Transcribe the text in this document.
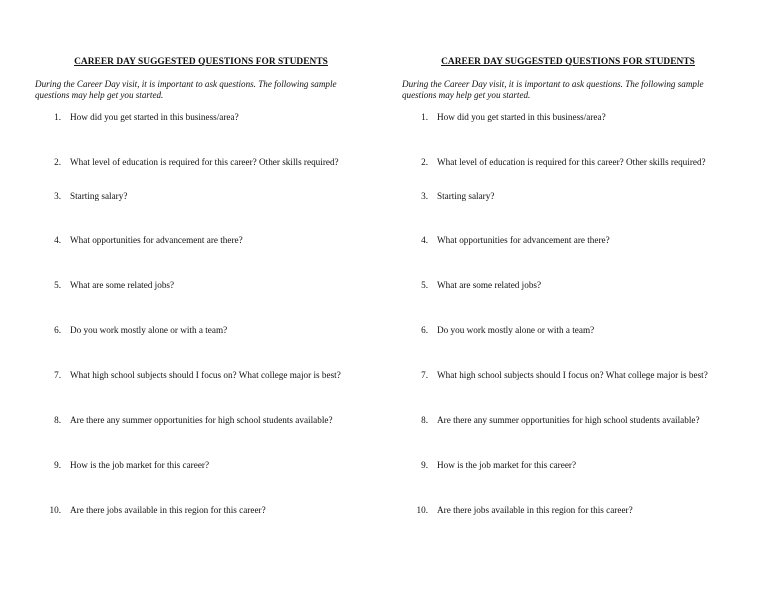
CAREER DAY SUGGESTED QUESTIONS FOR STUDENTS

During the Career Day visit, it is important to ask questions. The following sample questions may help get you started.

1. How did you get started in this business/area?
2. What level of education is required for this career? Other skills required?
3. Starting salary?
4. What opportunities for advancement are there?
5. What are some related jobs?
6. Do you work mostly alone or with a team?
7. What high school subjects should I focus on? What college major is best?
8. Are there any summer opportunities for high school students available?
9. How is the job market for this career?
10. Are there jobs available in this region for this career?

CAREER DAY SUGGESTED QUESTIONS FOR STUDENTS

During the Career Day visit, it is important to ask questions. The following sample questions may help get you started.

1. How did you get started in this business/area?
2. What level of education is required for this career? Other skills required?
3. Starting salary?
4. What opportunities for advancement are there?
5. What are some related jobs?
6. Do you work mostly alone or with a team?
7. What high school subjects should I focus on? What college major is best?
8. Are there any summer opportunities for high school students available?
9. How is the job market for this career?
10. Are there jobs available in this region for this career?
